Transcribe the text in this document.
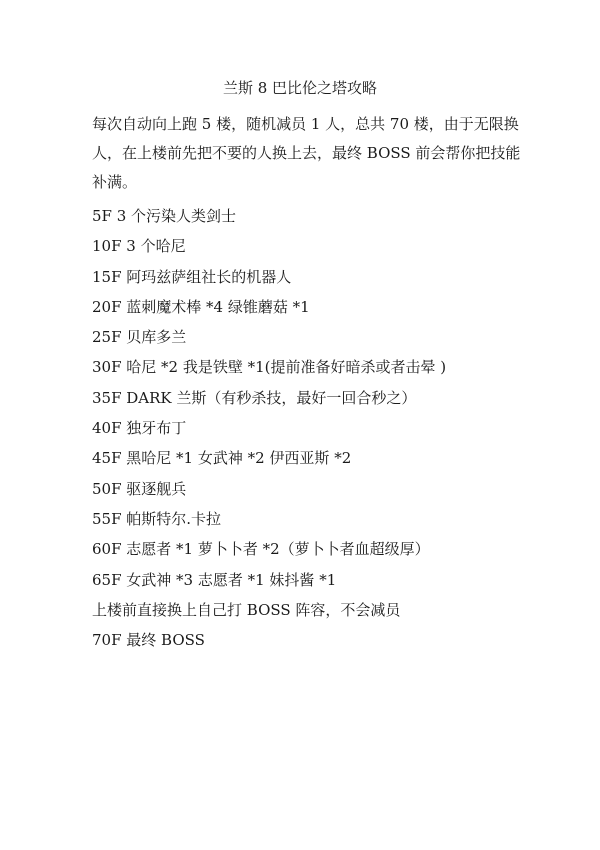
兰斯 8 巴比伦之塔攻略

每次自动向上跑 5 楼，随机减员 1 人，总共 70 楼，由于无限换人，在上楼前先把不要的人换上去，最终 BOSS 前会帮你把技能补满。

5F 3 个污染人类剑士
10F 3 个哈尼
15F 阿玛兹萨组社长的机器人
20F 蓝刺魔术棒 *4 绿锥蘑菇 *1
25F 贝库多兰
30F 哈尼 *2 我是铁壁 *1(提前准备好暗杀或者击晕 )
35F DARK 兰斯（有秒杀技，最好一回合秒之）
40F 独牙布丁
45F 黑哈尼 *1 女武神 *2 伊西亚斯 *2
50F 驱逐舰兵
55F 帕斯特尔.卡拉
60F 志愿者 *1 萝卜卜者 *2（萝卜卜者血超级厚）
65F 女武神 *3 志愿者 *1 妹抖酱 *1
上楼前直接换上自己打 BOSS 阵容，不会减员
70F 最终 BOSS
